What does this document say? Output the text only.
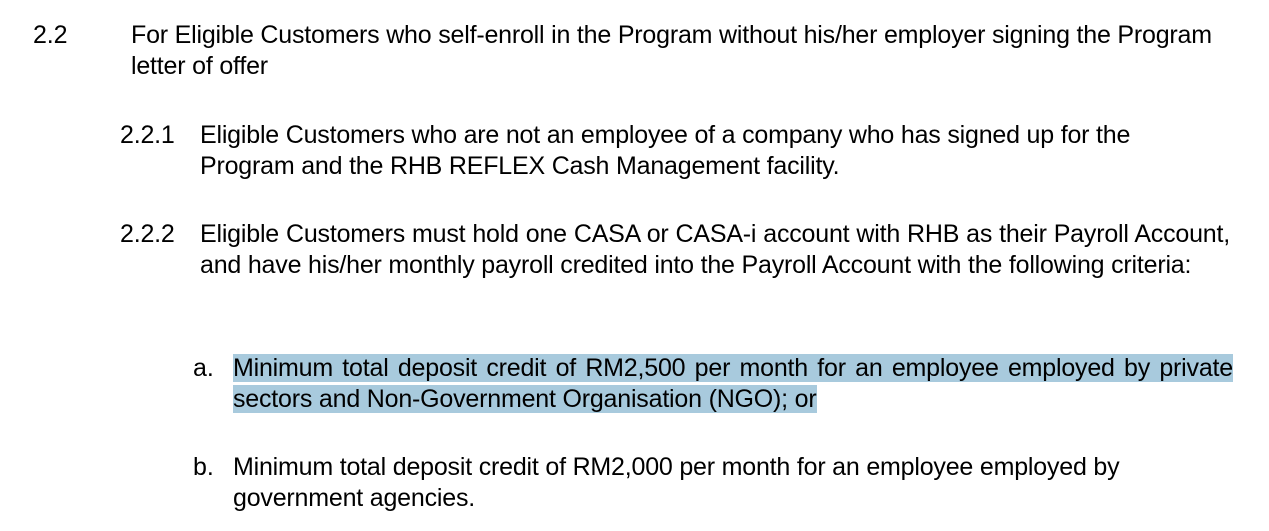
2.2	For Eligible Customers who self-enroll in the Program without his/her employer signing the Program letter of offer
2.2.1	Eligible Customers who are not an employee of a company who has signed up for the Program and the RHB REFLEX Cash Management facility.
2.2.2	Eligible Customers must hold one CASA or CASA-i account with RHB as their Payroll Account, and have his/her monthly payroll credited into the Payroll Account with the following criteria:
a. Minimum total deposit credit of RM2,500 per month for an employee employed by private sectors and Non-Government Organisation (NGO); or
b. Minimum total deposit credit of RM2,000 per month for an employee employed by government agencies.
